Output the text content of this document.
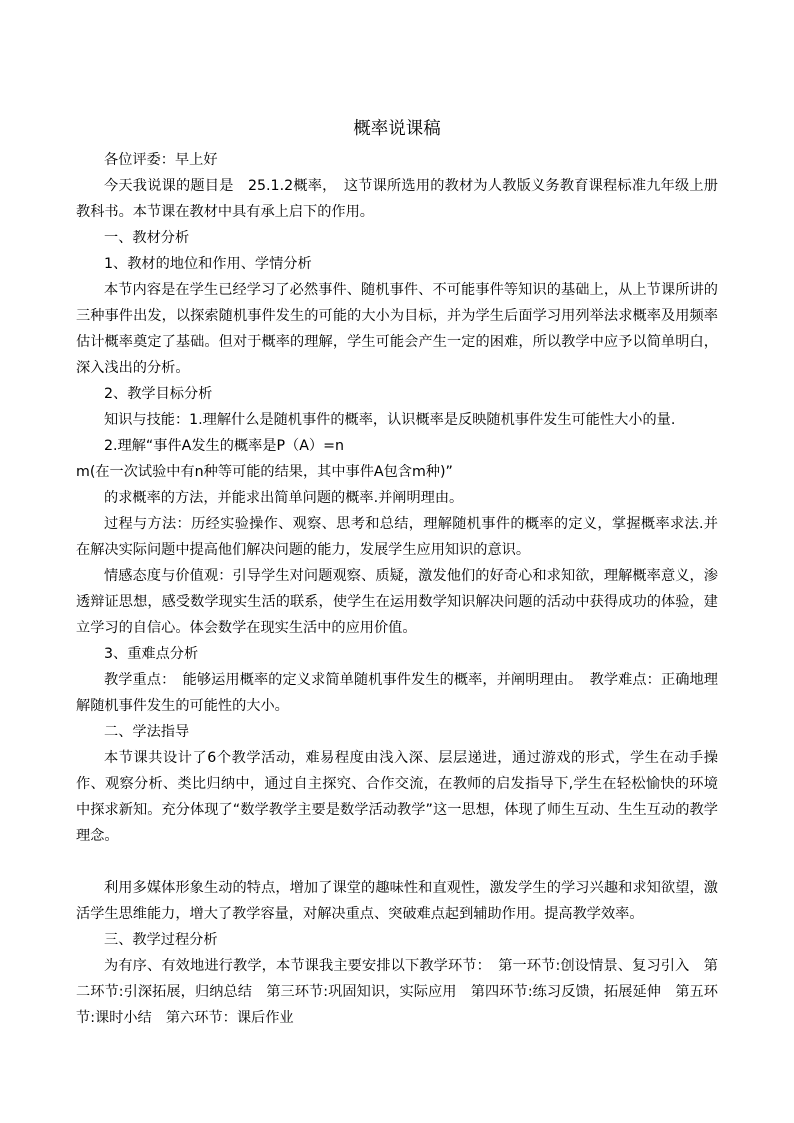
概率说课稿

各位评委：早上好

今天我说课的题目是　25.1.2概率，　这节课所选用的教材为人教版义务教育课程标准九年级上册教科书。本节课在教材中具有承上启下的作用。

一、教材分析

1、教材的地位和作用、学情分析

本节内容是在学生已经学习了必然事件、随机事件、不可能事件等知识的基础上，从上节课所讲的三种事件出发，以探索随机事件发生的可能的大小为目标，并为学生后面学习用列举法求概率及用频率估计概率奠定了基础。但对于概率的理解，学生可能会产生一定的困难，所以教学中应予以简单明白，深入浅出的分析。

2、教学目标分析

知识与技能：1.理解什么是随机事件的概率，认识概率是反映随机事件发生可能性大小的量.

2.理解“事件A发生的概率是P（A）=n

m(在一次试验中有n种等可能的结果，其中事件A包含m种)”

的求概率的方法，并能求出简单问题的概率.并阐明理由。

过程与方法：历经实验操作、观察、思考和总结，理解随机事件的概率的定义，掌握概率求法.并在解决实际问题中提高他们解决问题的能力，发展学生应用知识的意识。

情感态度与价值观：引导学生对问题观察、质疑，激发他们的好奇心和求知欲，理解概率意义，渗透辩证思想，感受数学现实生活的联系，使学生在运用数学知识解决问题的活动中获得成功的体验，建立学习的自信心。体会数学在现实生活中的应用价值。

3、重难点分析

教学重点：　能够运用概率的定义求简单随机事件发生的概率，并阐明理由。　教学难点：正确地理解随机事件发生的可能性的大小。

二、学法指导

本节课共设计了6个教学活动，难易程度由浅入深、层层递进，通过游戏的形式，学生在动手操作、观察分析、类比归纳中，通过自主探究、合作交流，在教师的启发指导下,学生在轻松愉快的环境中探求新知。充分体现了“数学教学主要是数学活动教学”这一思想，体现了师生互动、生生互动的教学理念。

利用多媒体形象生动的特点，增加了课堂的趣味性和直观性，激发学生的学习兴趣和求知欲望，激活学生思维能力，增大了教学容量，对解决重点、突破难点起到辅助作用。提高教学效率。

三、教学过程分析

为有序、有效地进行教学，本节课我主要安排以下教学环节：　第一环节:创设情景、复习引入　第二环节:引深拓展，归纳总结　第三环节:巩固知识，实际应用　第四环节:练习反馈，拓展延伸　第五环节:课时小结　第六环节：课后作业
